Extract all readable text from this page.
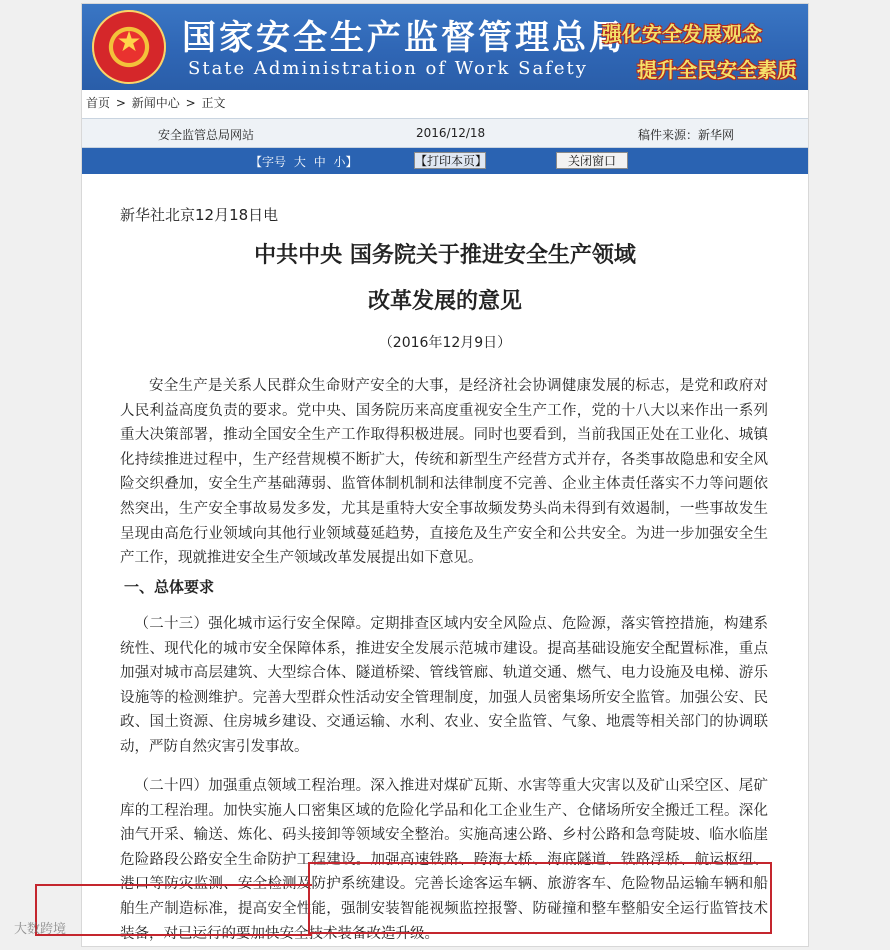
★
国家安全生产监督管理总局
State Administration of Work Safety
强化安全发展观念
提升全民安全素质
首页 > 新闻中心 > 正文
安全监管总局网站	2016/12/18	稿件来源：新华网
【字号 大 中 小】	【打印本页】	关闭窗口
新华社北京12月18日电
中共中央 国务院关于推进安全生产领域
改革发展的意见
（2016年12月9日）

安全生产是关系人民群众生命财产安全的大事，是经济社会协调健康发展的标志，是党和政府对人民利益高度负责的要求。党中央、国务院历来高度重视安全生产工作，党的十八大以来作出一系列重大决策部署，推动全国安全生产工作取得积极进展。同时也要看到，当前我国正处在工业化、城镇化持续推进过程中，生产经营规模不断扩大，传统和新型生产经营方式并存，各类事故隐患和安全风险交织叠加，安全生产基础薄弱、监管体制机制和法律制度不完善、企业主体责任落实不力等问题依然突出，生产安全事故易发多发，尤其是重特大安全事故频发势头尚未得到有效遏制，一些事故发生呈现由高危行业领域向其他行业领域蔓延趋势，直接危及生产安全和公共安全。为进一步加强安全生产工作，现就推进安全生产领域改革发展提出如下意见。

一、总体要求

（二十三）强化城市运行安全保障。定期排查区域内安全风险点、危险源，落实管控措施，构建系统性、现代化的城市安全保障体系，推进安全发展示范城市建设。提高基础设施安全配置标准，重点加强对城市高层建筑、大型综合体、隧道桥梁、管线管廊、轨道交通、燃气、电力设施及电梯、游乐设施等的检测维护。完善大型群众性活动安全管理制度，加强人员密集场所安全监管。加强公安、民政、国土资源、住房城乡建设、交通运输、水利、农业、安全监管、气象、地震等相关部门的协调联动，严防自然灾害引发事故。

（二十四）加强重点领域工程治理。深入推进对煤矿瓦斯、水害等重大灾害以及矿山采空区、尾矿库的工程治理。加快实施人口密集区域的危险化学品和化工企业生产、仓储场所安全搬迁工程。深化油气开采、输送、炼化、码头接卸等领域安全整治。实施高速公路、乡村公路和急弯陡坡、临水临崖危险路段公路安全生命防护工程建设。加强高速铁路、跨海大桥、海底隧道、铁路浮桥、航运枢纽、港口等防灾监测、安全检测及防护系统建设。完善长途客运车辆、旅游客车、危险物品运输车辆和船舶生产制造标准，提高安全性能，强制安装智能视频监控报警、防碰撞和整车整船安全运行监管技术装备，对已运行的要加快安全技术装备改造升级。

大数跨境
